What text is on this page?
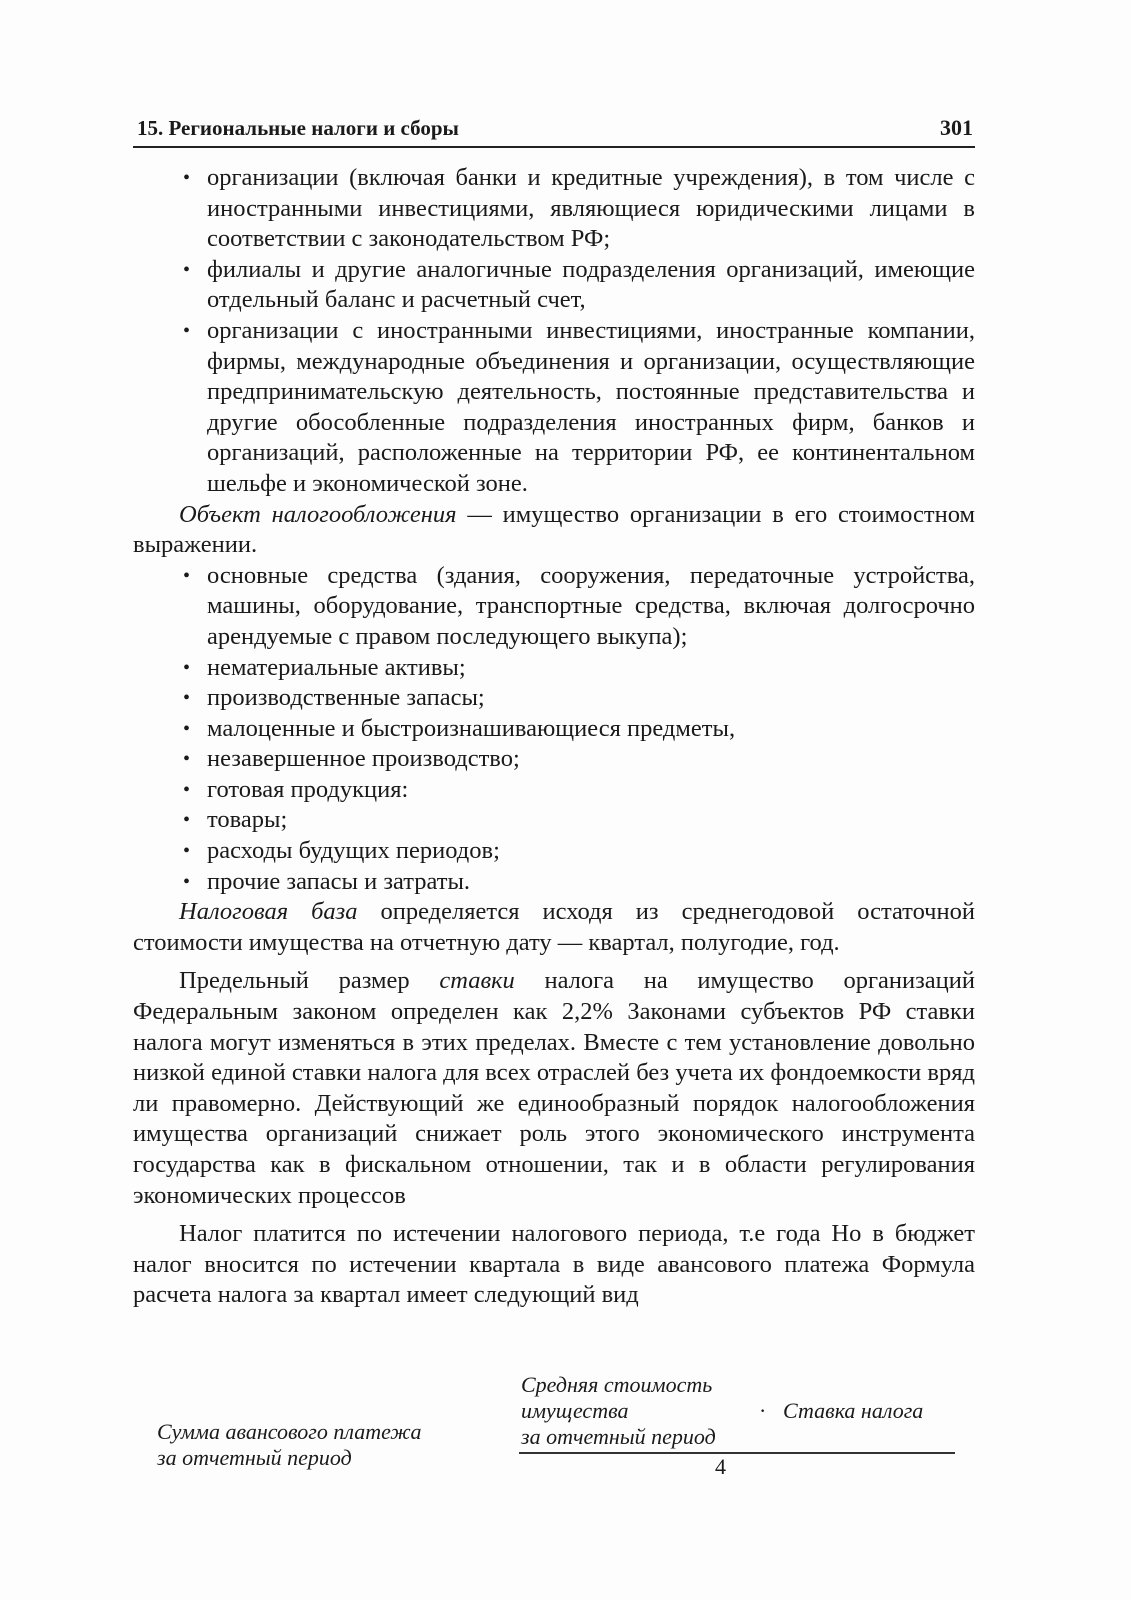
15. Региональные налоги и сборы	301
• организации (включая банки и кредитные учреждения), в том числе с иностранными инвестициями, являющиеся юридическими лицами в соответствии с законодательством РФ;
• филиалы и другие аналогичные подразделения организаций, имеющие отдельный баланс и расчетный счет,
• организации с иностранными инвестициями, иностранные компании, фирмы, международные объединения и организации, осуществляющие предпринимательскую деятельность, постоянные представительства и другие обособленные подразделения иностранных фирм, банков и организаций, расположенные на территории РФ, ее континентальном шельфе и экономической зоне.

Объект налогообложения — имущество организации в его стоимостном выражении.

• основные средства (здания, сооружения, передаточные устройства, машины, оборудование, транспортные средства, включая долгосрочно арендуемые с правом последующего выкупа);
• нематериальные активы;
• производственные запасы;
• малоценные и быстроизнашивающиеся предметы,
• незавершенное производство;
• готовая продукция:
• товары;
• расходы будущих периодов;
• прочие запасы и затраты.

Налоговая база определяется исходя из среднегодовой остаточной стоимости имущества на отчетную дату — квартал, полугодие, год.

Предельный размер ставки налога на имущество организаций Федеральным законом определен как 2,2% Законами субъектов РФ ставки налога могут изменяться в этих пределах. Вместе с тем установление довольно низкой единой ставки налога для всех отраслей без учета их фондоемкости вряд ли правомерно. Действующий же единообразный порядок налогообложения имущества организаций снижает роль этого экономического инструмента государства как в фискальном отношении, так и в области регулирования экономических процессов

Налог платится по истечении налогового периода, т.е года Но в бюджет налог вносится по истечении квартала в виде авансового платежа Формула расчета налога за квартал имеет следующий вид

Сумма авансового платежа
за отчетный период
Средняя стоимость
имущества
за отчетный период
· Ставка налога
4
